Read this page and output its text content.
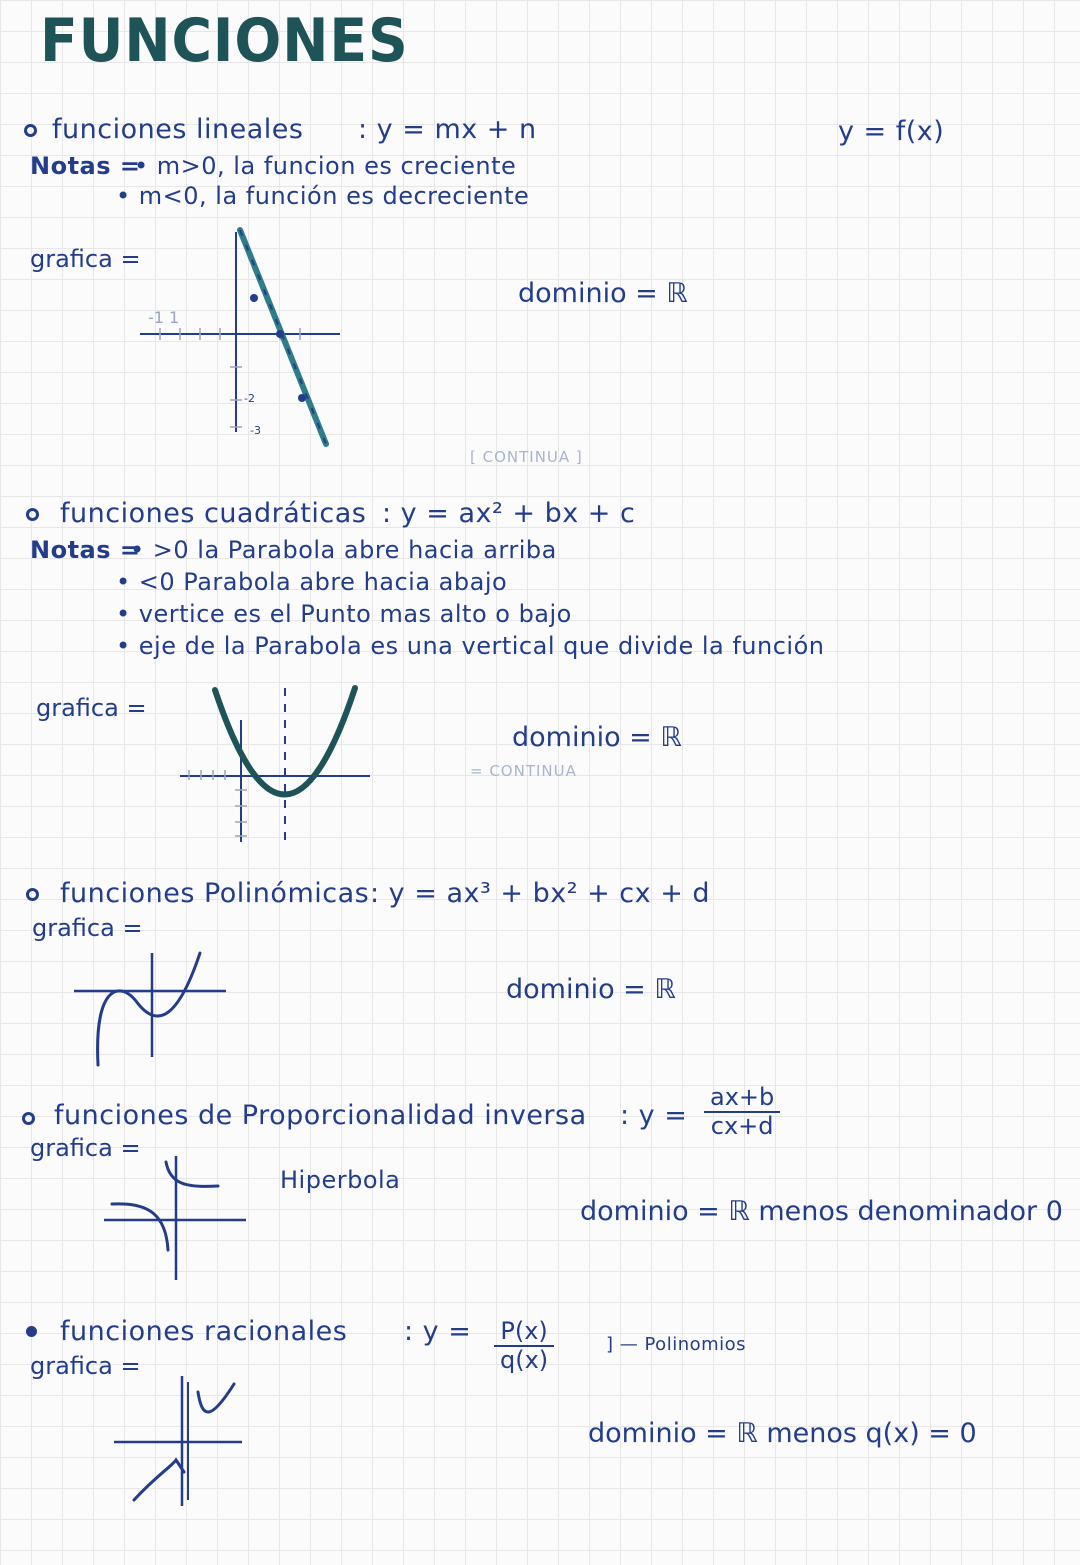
FUNCIONES
y = f(x)
funciones lineales : y = mx + n
Notas =
• m>0, la funcion es creciente
• m<0, la función es decreciente
grafica =
dominio = ℝ
[ CONTINUA ]
-1 1
-2
-3
funciones cuadráticas : y = ax² + bx + c
Notas =
• >0 la Parabola abre hacia arriba
• <0 Parabola abre hacia abajo
• vertice es el Punto mas alto o bajo
• eje de la Parabola es una vertical que divide la función
grafica =
dominio = ℝ
= CONTINUA
funciones Polinómicas : y = ax³ + bx² + cx + d
grafica =
dominio = ℝ
funciones de Proporcionalidad inversa : $y = \frac{ax+b}{cx+d}$
grafica =
Hiperbola
dominio = ℝ menos denominador 0
funciones racionales : $y = \frac{P(x)}{q(x)}$	] — Polinomios
grafica =
dominio = ℝ menos q(x) = 0
